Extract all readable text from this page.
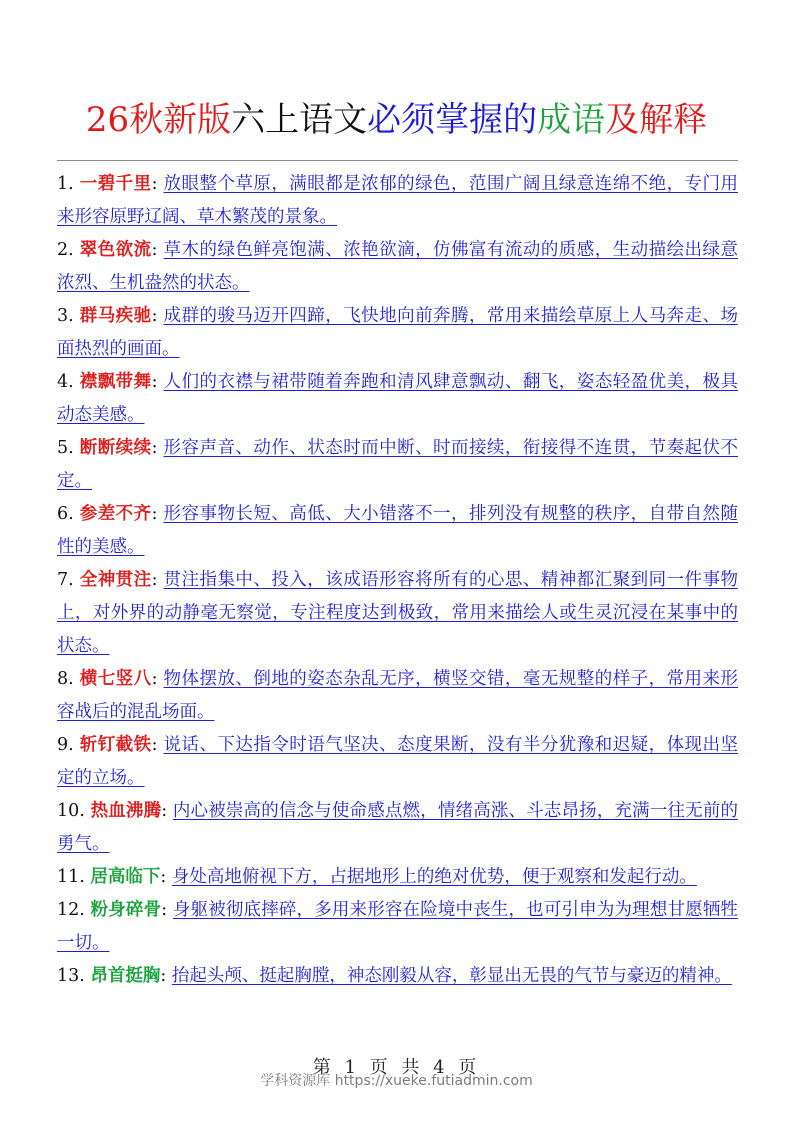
26秋新版六上语文必须掌握的成语及解释

1. 一碧千里: 放眼整个草原，满眼都是浓郁的绿色，范围广阔且绿意连绵不绝，专门用来形容原野辽阔、草木繁茂的景象。

2. 翠色欲流: 草木的绿色鲜亮饱满、浓艳欲滴，仿佛富有流动的质感，生动描绘出绿意浓烈、生机盎然的状态。

3. 群马疾驰: 成群的骏马迈开四蹄，飞快地向前奔腾，常用来描绘草原上人马奔走、场面热烈的画面。

4. 襟飘带舞: 人们的衣襟与裙带随着奔跑和清风肆意飘动、翻飞，姿态轻盈优美，极具动态美感。

5. 断断续续: 形容声音、动作、状态时而中断、时而接续，衔接得不连贯，节奏起伏不定。

6. 参差不齐: 形容事物长短、高低、大小错落不一，排列没有规整的秩序，自带自然随性的美感。

7. 全神贯注: 贯注指集中、投入，该成语形容将所有的心思、精神都汇聚到同一件事物上，对外界的动静毫无察觉，专注程度达到极致，常用来描绘人或生灵沉浸在某事中的状态。

8. 横七竖八: 物体摆放、倒地的姿态杂乱无序，横竖交错，毫无规整的样子，常用来形容战后的混乱场面。

9. 斩钉截铁: 说话、下达指令时语气坚决、态度果断，没有半分犹豫和迟疑，体现出坚定的立场。

10. 热血沸腾: 内心被崇高的信念与使命感点燃，情绪高涨、斗志昂扬，充满一往无前的勇气。

11. 居高临下: 身处高地俯视下方，占据地形上的绝对优势，便于观察和发起行动。

12. 粉身碎骨: 身躯被彻底摔碎，多用来形容在险境中丧生，也可引申为为理想甘愿牺牲一切。

13. 昂首挺胸: 抬起头颅、挺起胸膛，神态刚毅从容，彰显出无畏的气节与豪迈的精神。

第 1 页 共 4 页
学科资源库 https://xueke.futiadmin.com
